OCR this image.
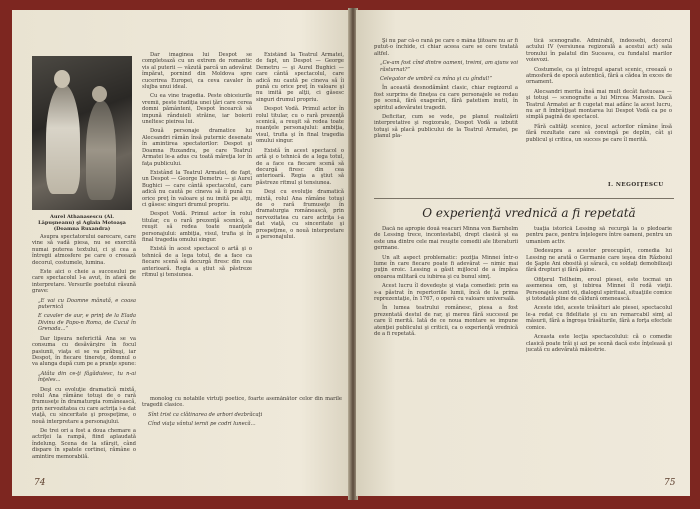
Aurel Athanasescu (Al. Lăpuşneanu) şi Aglaia Motoaşa (Doamna Ruxandra)

Asupra spectatorului oarecare, care vine să vadă piesa, nu se exercită numai puterea textului, ci şi cea a întregii atmosfere pe care o creează decorul, costumele, lumina.

Este aici o cheie a succesului pe care spectacolul l-a avut, în afară de interpretare. Versurile poetului răsună grave:

„E vai cu Doamne mânată, e coasa puternică

E cavaler de aur, e prinţ de la Elada Divinu de Papo-n Roma, de Cucul în Grenada...”

Dar lipsura nefericită Ana se va consuma cu desăvârşire în focul pasiunii, viaţa ei se va prăbuşi, iar Despot, în fiecare tinereţe, domnul o va alunga după cum pe a pranţe spune:

„Atâta din ce-ţi făgăduiesc, tu n-ai înţeles...

Deşi cu evoluţie dramatică mixtă, rolul Ana rămâne totuşi de o rară frumuseţe în dramaturgia românească, prin nervozitatea cu care actriţa i-a dat viaţă, cu sinceritate şi prospeţime, o nouă interpretare a personajului.

De trei ori a fost a doua chemare a actriţei la rampă, fiind aplaudată îndelung. Scena de la sfârşit, când dispare în spatele cortinei, rămâne o amintire memorabilă.

Dar imaginea lui Despot se completează cu un extrem de romantic vis al puterii — văzută parcă un adevărat împărat, pornind din Moldova spre cucerirea Europei, ca ceva cavaler în slujba unui ideal.

Cu ea vine tragedia. Peste obiceiurile vremii, peste tradiţia unei ţări care cerea domni pământeni, Despot încearcă să impună rânduieli străine, iar boierii uneltesc pieirea lui.

Două personaje dramatice lui Alecsandri rămân însă puternic desenate în amintirea spectatorilor: Despot şi Doamna Ruxandra, pe care Teatrul Armatei le-a adus cu toată măreţia lor în faţa publicului.

Existând la Teatrul Armatei, de fapt, un Despot — George Demetru — şi Aurel Bughici — care cântă spectacolul, care adică nu caută pe cineva să îi pună cu orice preţ în valoare şi nu imită pe alţii, ci găsesc singuri drumul propriu.

Despot Vodă. Primul actor în rolul titular, cu o rară prezenţă scenică, a reuşit să redea toate nuanţele personajului: ambiţia, visul, trufia şi în final tragedia omului singur.

Există în acest spectacol o artă şi o tehnică de a lega totul, de a face ca fiecare scenă să decurgă firesc din cea anterioară. Regia a ştiut să păstreze ritmul şi tensiunea.

monolog cu notabile virtuţi poetice, foarte asemănător celor din marile tragedii clasice.

Sînt trist ca clătinarea de arbori dezbrăcaţi

Cînd viaţa vântul iernii pe codri lunecă...

Existând la Teatrul Armatei, de fapt, un Despot — George Demetru — şi Aurel Bughici — care cântă spectacolul, care adică nu caută pe cineva să îi pună cu orice preţ în valoare şi nu imită pe alţii, ci găsesc singuri drumul propriu.

Despot Vodă. Primul actor în rolul titular, cu o rară prezenţă scenică, a reuşit să redea toate nuanţele personajului: ambiţia, visul, trufia şi în final tragedia omului singur.

Există în acest spectacol o artă şi o tehnică de a lega totul, de a face ca fiecare scenă să decurgă firesc din cea anterioară. Regia a ştiut să păstreze ritmul şi tensiunea.

Deşi cu evoluţie dramatică mixtă, rolul Ana rămâne totuşi de o rară frumuseţe în dramaturgia românească, prin nervozitatea cu care actriţa i-a dat viaţă, cu sinceritate şi prospeţime, o nouă interpretare a personajului.

74

Şi nu par că-o rană pe care o mâna ţiitoare nu ar fi putut-o închide, ci chiar aceea care se cere tratată altfel.

„Ce-am fost cînd dintre oameni, treimi, am ajuns voi răsturnat?”

Celegator de umbră cu mîna şi cu gîndul!”

În această desnodământ clasic, chiar regizorul a fost surprins de fineţea cu care personajele se redau pe scenă, fără exagerări, fără patetism inutil, în spiritul adevăratei tragedii.

Deficitar, cum se vede, pe planul realizării interpretative şi regizorale, Despot Vodă a izbutit totuşi să placă publicului de la Teatrul Armatei, pe planul pla-

tică scenografie. Admirabil, îndeosebi, decorul actului IV (versiunea regizorală a acestui act) sala tronului în palatul din Suceava, cu fundalul marilor voievozi.

Costumele, ca şi întregul aparat scenic, creează o atmosferă de epocă autentică, fără a cădea în exces de ornament.

Alecsandri merita însă mai mult decât fastuoasa — şi totuşi — scenografie a lui Mircea Marosin. Dacă Teatrul Armatei ar fi cugetat mai adânc la acest lucru, nu ar fi îmbrăţişat montarea lui Despot Vodă ca pe o simplă pagină de spectacol.

Fără calităţi scenice, jocul actorilor rămâne însă fără rezultate care să convingă pe deplin, cât şi publicul şi critica, un succes pe care îl merită.

I. NEGOIŢESCU
O experienţă vrednică a fi repetată

Dacă ne apropie două veacuri Minna von Barnhelm de Lessing trece, incontestabil, drept clasică şi ea este una dintre cele mai reuşite comedii ale literaturii germane.

Un alt aspect problematic: poziţia Minnei într-o lume în care fiecare poate fi adevărat — nimic mai puţin eroic. Lessing a găsit mijlocul de a împăca onoarea militară cu iubirea şi cu bunul simţ.

Acest lucru îl dovedeşte şi viaţa comediei: prin ea s-a păstrat în repertoriile lumii, încă de la prima reprezentaţie, în 1767, o operă cu valoare universală.

În lumea teatrului românesc, piesa a fost prezentată destul de rar, şi mereu fără succesul pe care îl merită. Iată de ce noua montare se impune atenţiei publicului şi criticii, ca o experienţă vrednică de a fi repetată.

tuaţia istorică Lessing să recurgă la o pledoarie pentru pace, pentru înţelegere între oameni, pentru un umanism activ.

Dedesupra a acestor preocupări, comedia lui Lessing ne arată o Germanie care ieşea din Războiul de Şapte Ani obosită şi săracă, cu soldaţi demobilizaţi fără drepturi şi fără pâine.

Ofiţerul Tellheim, eroul piesei, este tocmai un asemenea om, şi iubirea Minnei îl redă vieţii. Personajele sunt vii, dialogul spiritual, situaţiile comice şi totodată pline de căldură omenească.

Aceste idei, aceste trăsături ale piesei, spectacolul le-a redat cu fidelitate şi cu un remarcabil simţ al măsurii, fără a îngroşa trăsăturile, fără a forţa efectele comice.

Aceasta este lecţia spectacolului: că o comedie clasică poate trăi şi azi pe scenă dacă este înţeleasă şi jucată cu adevărată măiestrie.

75
